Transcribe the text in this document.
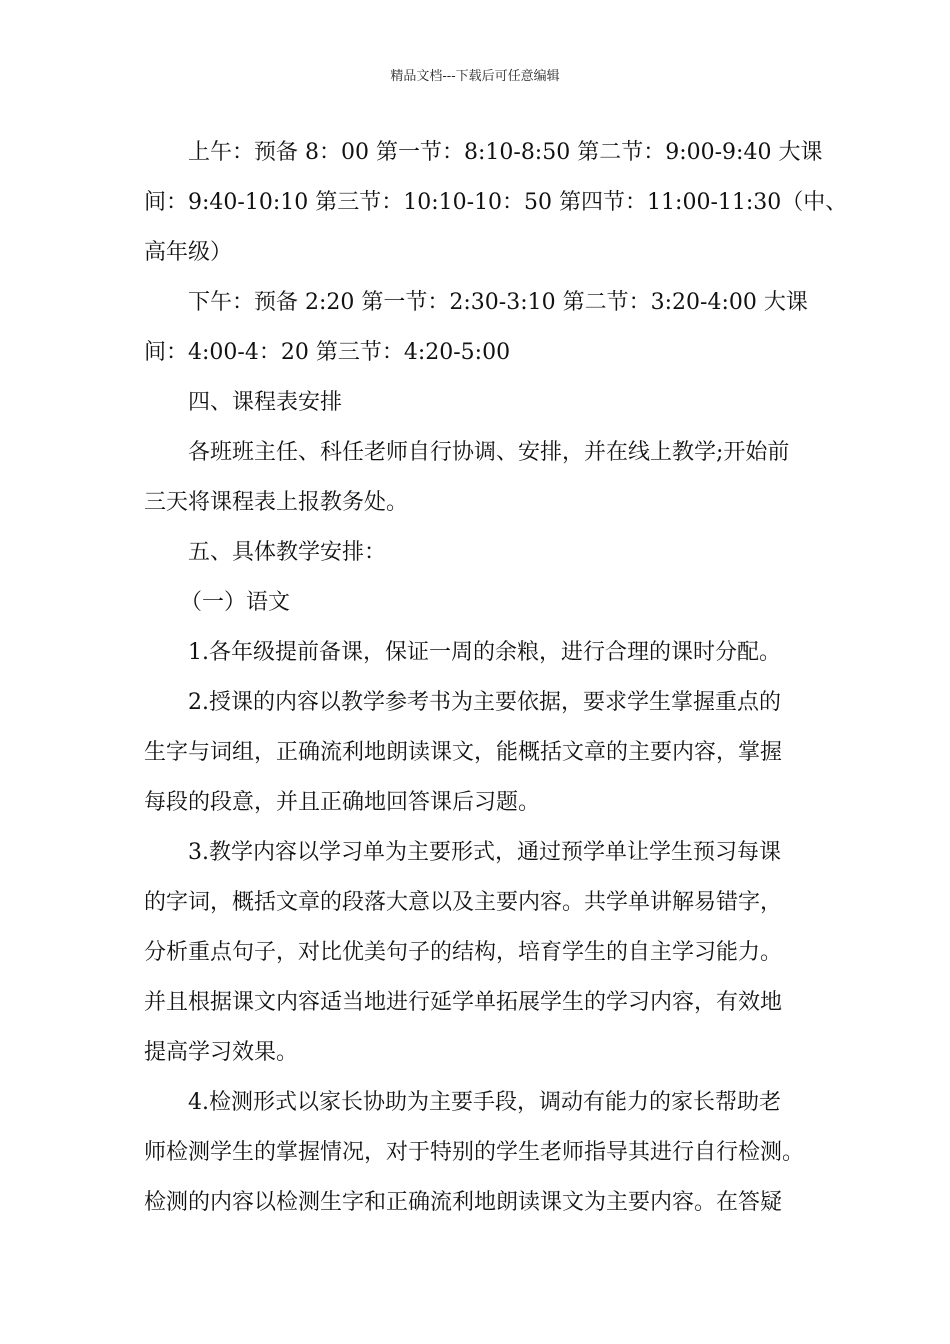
精品文档---下载后可任意编辑
上午：预备 8：00 第一节：8:10-8:50 第二节：9:00-9:40 大课
间：9:40-10:10 第三节：10:10-10：50 第四节：11:00-11:30（中、
高年级）
下午：预备 2:20 第一节：2:30-3:10 第二节：3:20-4:00 大课
间：4:00-4：20 第三节：4:20-5:00
四、课程表安排
各班班主任、科任老师自行协调、安排，并在线上教学;开始前
三天将课程表上报教务处。
五、具体教学安排：
（一）语文
1.各年级提前备课，保证一周的余粮，进行合理的课时分配。
2.授课的内容以教学参考书为主要依据，要求学生掌握重点的
生字与词组，正确流利地朗读课文，能概括文章的主要内容，掌握
每段的段意，并且正确地回答课后习题。
3.教学内容以学习单为主要形式，通过预学单让学生预习每课
的字词，概括文章的段落大意以及主要内容。共学单讲解易错字，
分析重点句子，对比优美句子的结构，培育学生的自主学习能力。
并且根据课文内容适当地进行延学单拓展学生的学习内容，有效地
提高学习效果。
4.检测形式以家长协助为主要手段，调动有能力的家长帮助老
师检测学生的掌握情况，对于特别的学生老师指导其进行自行检测。
检测的内容以检测生字和正确流利地朗读课文为主要内容。在答疑
